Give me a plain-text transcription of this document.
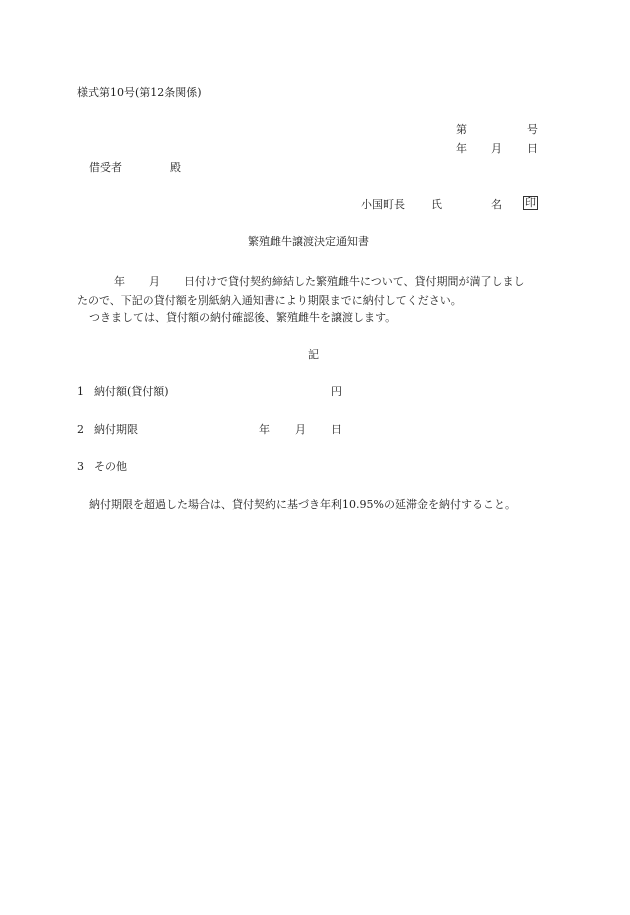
様式第10号(第12条関係)
第	号
年 月 日
借受者	殿
小国町長 氏	名 印
繁殖雌牛譲渡決定通知書
年 月 日付けで貸付契約締結した繁殖雌牛について、貸付期間が満了しまし
たので、下記の貸付額を別紙納入通知書により期限までに納付してください。
つきましては、貸付額の納付確認後、繁殖雌牛を譲渡します。
記
1 納付額(貸付額)	円
2 納付期限	年 月 日
3 その他
納付期限を超過した場合は、貸付契約に基づき年利10.95%の延滞金を納付すること。
